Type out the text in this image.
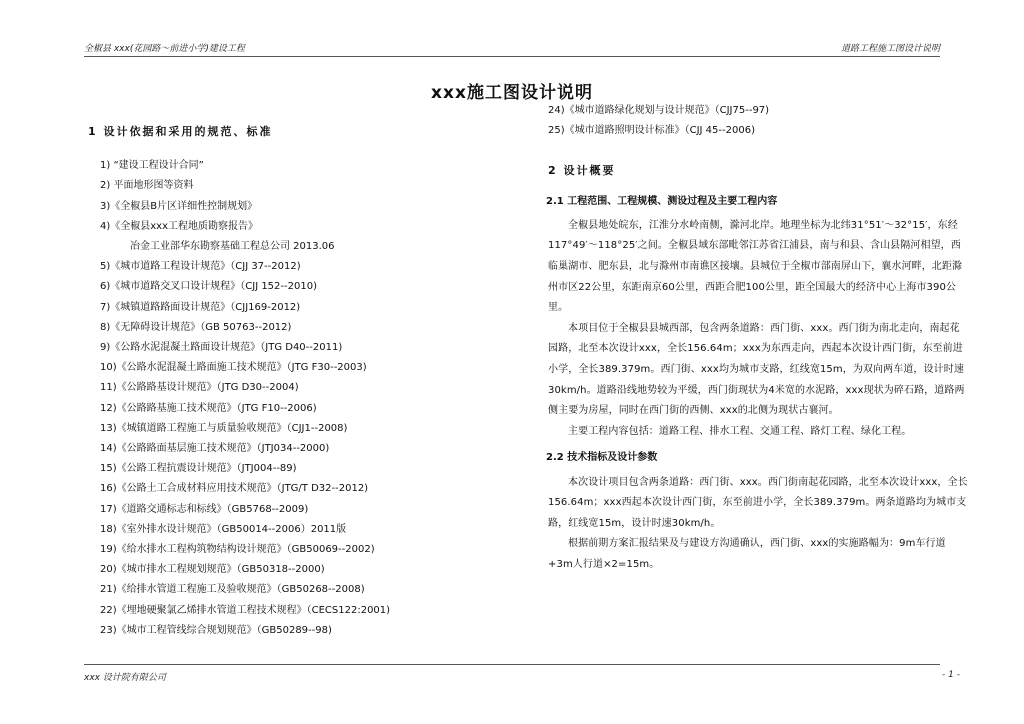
全椒县 xxx(花园路～前进小学)建设工程	道路工程施工图设计说明
xxx施工图设计说明
1 设计依据和采用的规范、标准
1) “建设工程设计合同”
2) 平面地形图等资料
3)《全椒县B片区详细性控制规划》
4)《全椒县xxx工程地质勘察报告》
冶金工业部华东勘察基础工程总公司 2013.06
5)《城市道路工程设计规范》（CJJ 37--2012)
6)《城市道路交叉口设计规程》（CJJ 152--2010)
7)《城镇道路路面设计规范》（CJJ169-2012)
8)《无障碍设计规范》（GB 50763--2012)
9)《公路水泥混凝土路面设计规范》（JTG D40--2011)
10)《公路水泥混凝土路面施工技术规范》（JTG F30--2003)
11)《公路路基设计规范》（JTG D30--2004)
12)《公路路基施工技术规范》（JTG F10--2006)
13)《城镇道路工程施工与质量验收规范》（CJJ1--2008)
14)《公路路面基层施工技术规范》（JTJ034--2000)
15)《公路工程抗震设计规范》（JTJ004--89)
16)《公路土工合成材料应用技术规范》（JTG/T D32--2012)
17)《道路交通标志和标线》（GB5768--2009)
18)《室外排水设计规范》（GB50014--2006）2011版
19)《给水排水工程构筑物结构设计规范》（GB50069--2002)
20)《城市排水工程规划规范》（GB50318--2000)
21)《给排水管道工程施工及验收规范》（GB50268--2008)
22)《埋地硬聚氯乙烯排水管道工程技术规程》（CECS122:2001)
23)《城市工程管线综合规划规范》（GB50289--98)
24)《城市道路绿化规划与设计规范》（CJJ75--97)
25)《城市道路照明设计标准》（CJJ 45--2006)
2 设计概要
2.1 工程范围、工程规模、测设过程及主要工程内容

全椒县地处皖东，江淮分水岭南侧，滁河北岸。地理坐标为北纬31°51′～32°15′，东经117°49′～118°25′之间。全椒县域东部毗邻江苏省江浦县，南与和县、含山县隔河相望，西临巢湖市、肥东县，北与滁州市南谯区接壤。县城位于全椒市部南屏山下，襄水河畔，北距滁州市区22公里，东距南京60公里，西距合肥100公里，距全国最大的经济中心上海市390公里。

本项目位于全椒县县城西部，包含两条道路：西门街、xxx。西门街为南北走向，南起花园路，北至本次设计xxx，全长156.64m；xxx为东西走向，西起本次设计西门街，东至前进小学，全长389.379m。西门街、xxx均为城市支路，红线宽15m，为双向两车道，设计时速30km/h。道路沿线地势较为平缓，西门街现状为4米宽的水泥路，xxx现状为碎石路，道路两侧主要为房屋，同时在西门街的西侧、xxx的北侧为现状古襄河。

主要工程内容包括：道路工程、排水工程、交通工程、路灯工程、绿化工程。

2.2 技术指标及设计参数

本次设计项目包含两条道路：西门街、xxx。西门街南起花园路，北至本次设计xxx，全长156.64m；xxx西起本次设计西门街，东至前进小学，全长389.379m。两条道路均为城市支路，红线宽15m，设计时速30km/h。

根据前期方案汇报结果及与建设方沟通确认，西门街、xxx的实施路幅为：9m车行道+3m人行道×2=15m。

xxx 设计院有限公司	- 1 -
